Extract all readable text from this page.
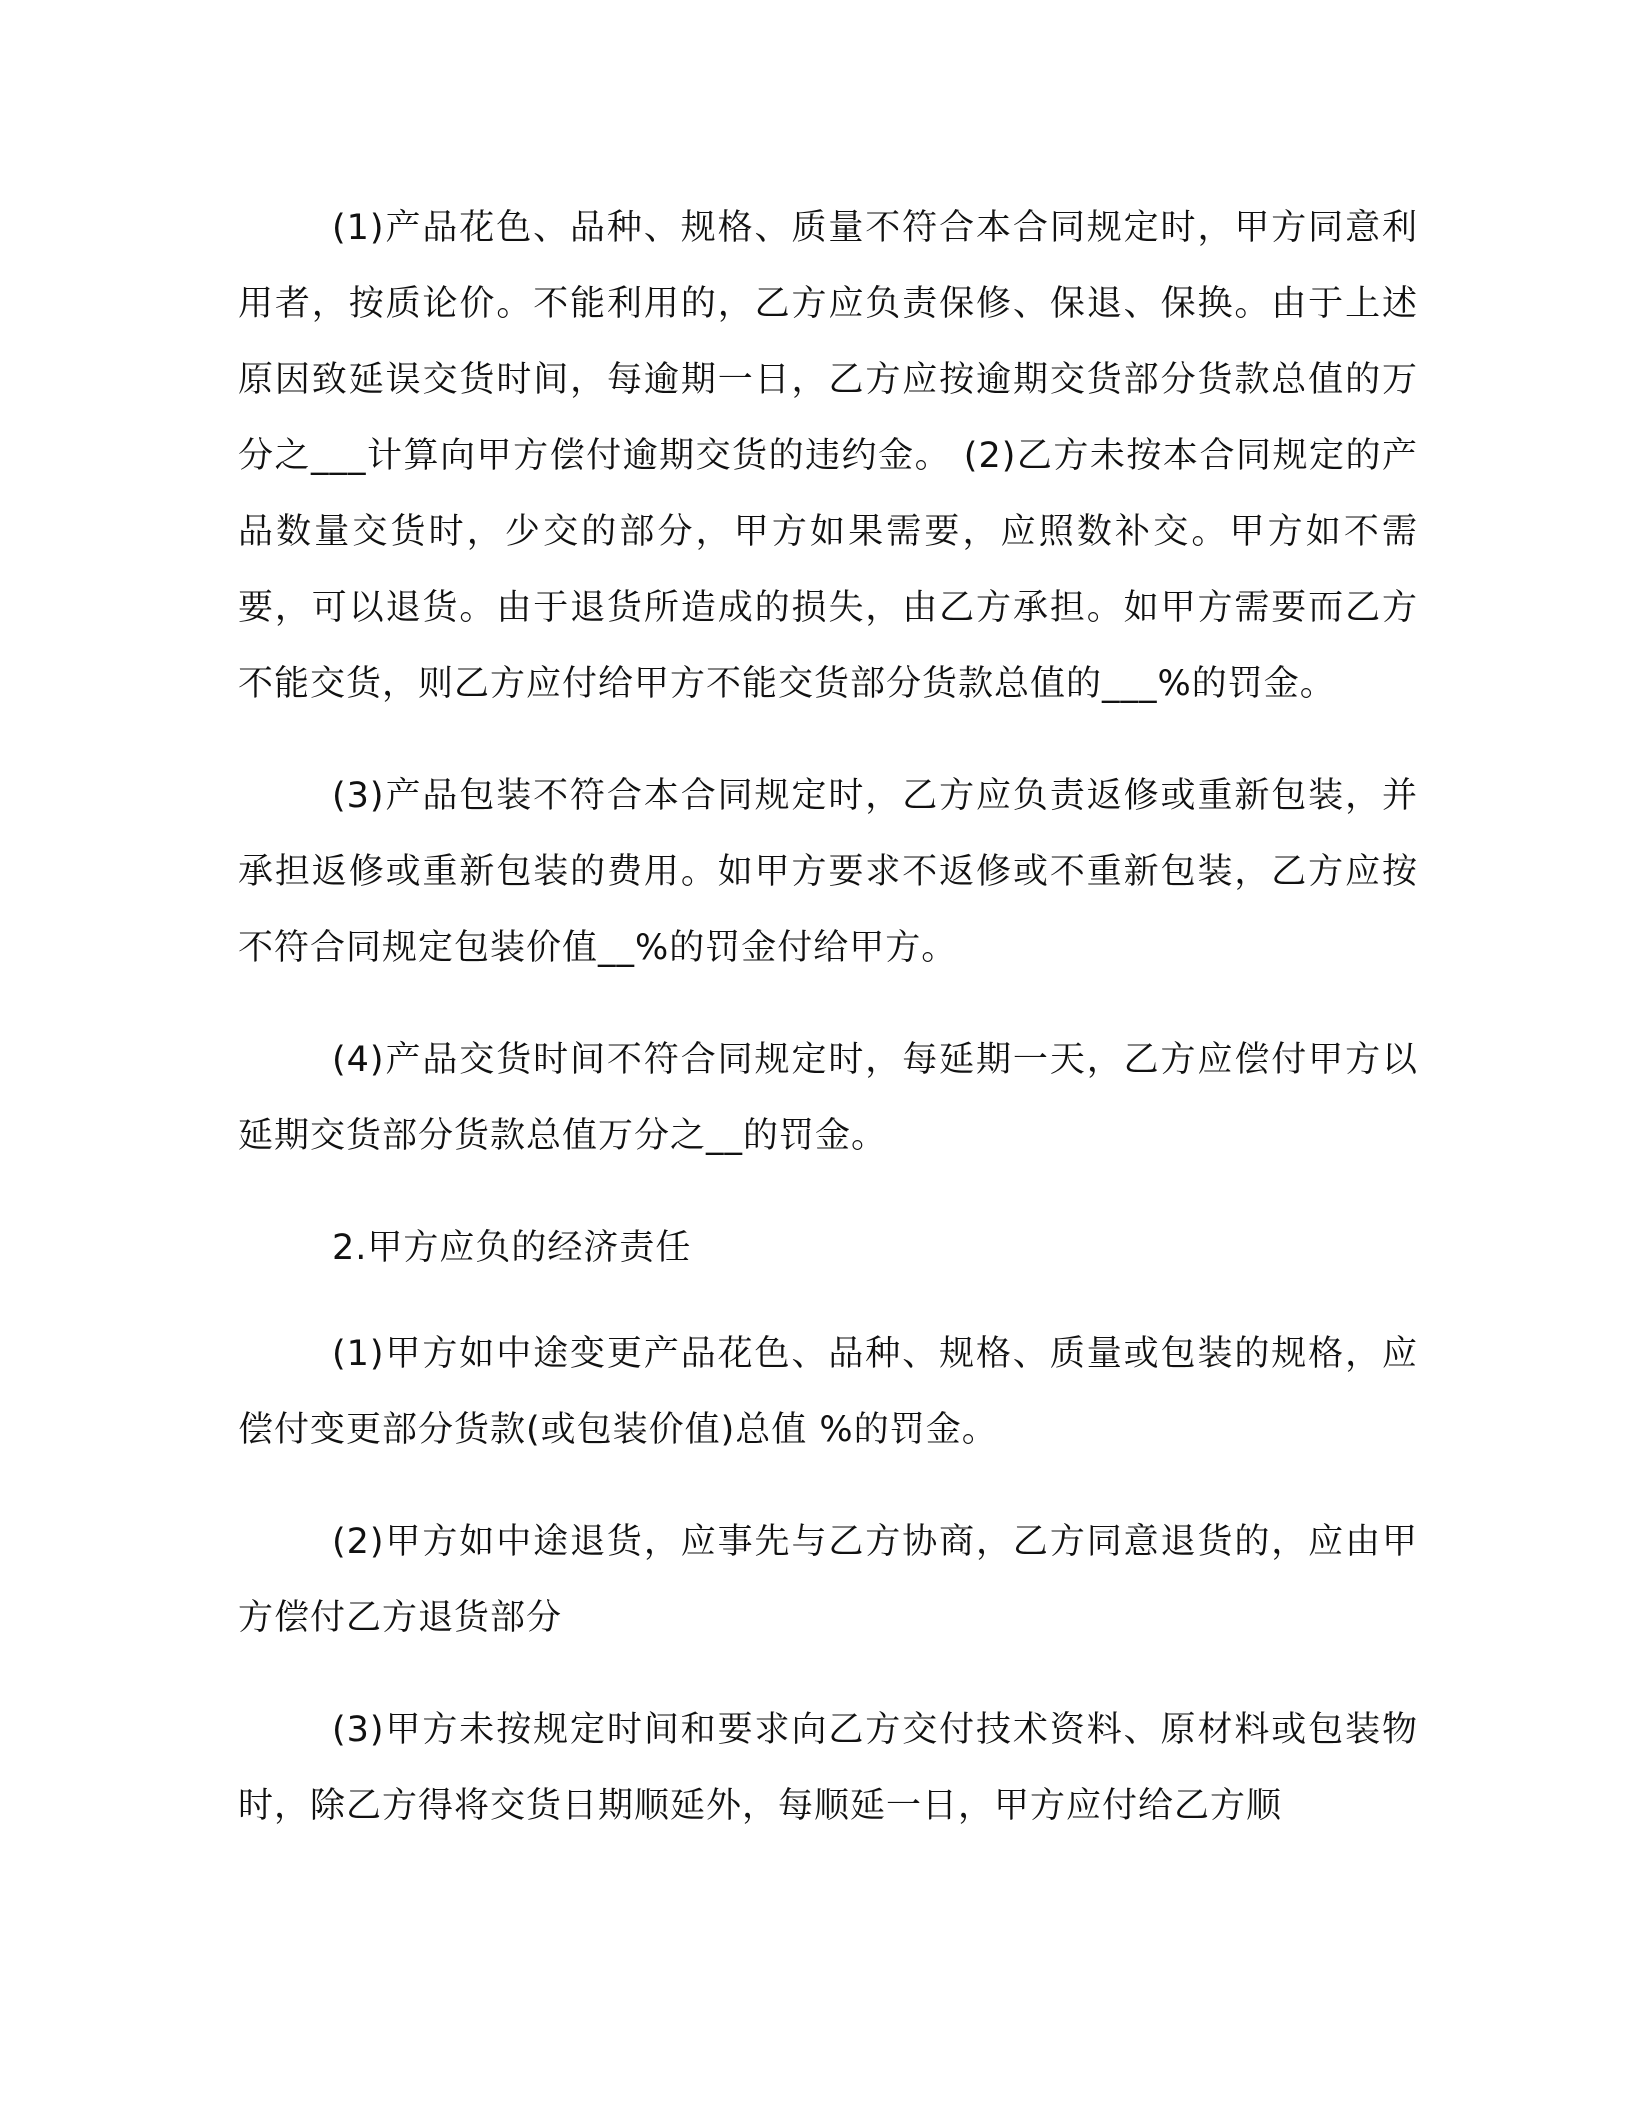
(1)产品花色、品种、规格、质量不符合本合同规定时，甲方同意利用者，按质论价。不能利用的，乙方应负责保修、保退、保换。由于上述原因致延误交货时间，每逾期一日，乙方应按逾期交货部分货款总值的万分之___计算向甲方偿付逾期交货的违约金。 (2)乙方未按本合同规定的产品数量交货时，少交的部分，甲方如果需要，应照数补交。甲方如不需要，可以退货。由于退货所造成的损失，由乙方承担。如甲方需要而乙方不能交货，则乙方应付给甲方不能交货部分货款总值的___%的罚金。

(3)产品包装不符合本合同规定时，乙方应负责返修或重新包装，并承担返修或重新包装的费用。如甲方要求不返修或不重新包装，乙方应按不符合同规定包装价值__%的罚金付给甲方。

(4)产品交货时间不符合同规定时，每延期一天，乙方应偿付甲方以延期交货部分货款总值万分之__的罚金。

2.甲方应负的经济责任

(1)甲方如中途变更产品花色、品种、规格、质量或包装的规格，应偿付变更部分货款(或包装价值)总值 %的罚金。

(2)甲方如中途退货，应事先与乙方协商，乙方同意退货的，应由甲方偿付乙方退货部分

(3)甲方未按规定时间和要求向乙方交付技术资料、原材料或包装物时，除乙方得将交货日期顺延外，每顺延一日，甲方应付给乙方顺
